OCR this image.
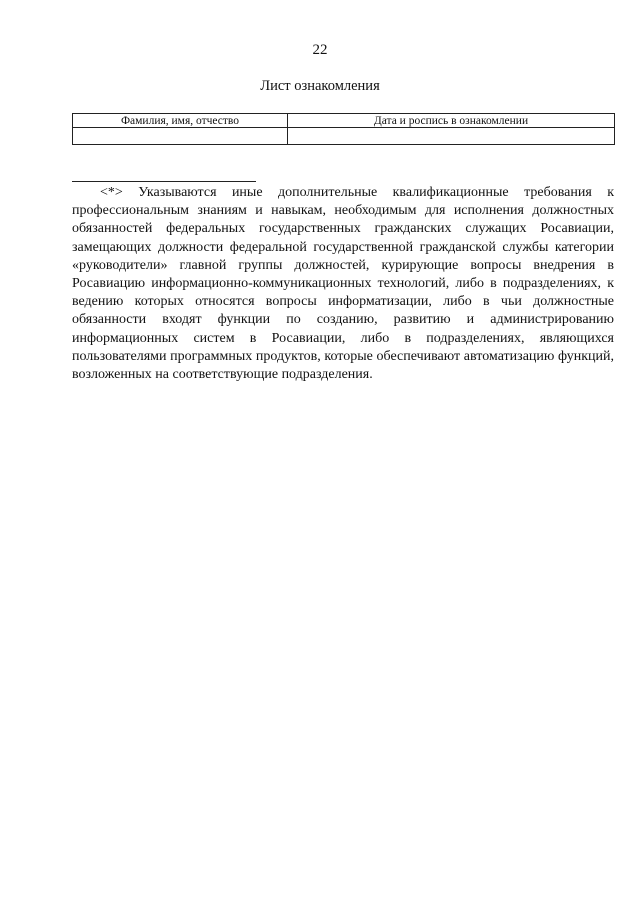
22
Лист ознакомления
Фамилия, имя, отчество	Дата и роспись в ознакомлении

<*> Указываются иные дополнительные квалификационные требования к профессиональным знаниям и навыкам, необходимым для исполнения должностных обязанностей федеральных государственных гражданских служащих Росавиации, замещающих должности федеральной государственной гражданской службы категории «руководители» главной группы должностей, курирующие вопросы внедрения в Росавиацию информационно-коммуникационных технологий, либо в подразделениях, к ведению которых относятся вопросы информатизации, либо в чьи должностные обязанности входят функции по созданию, развитию и администрированию информационных систем в Росавиации, либо в подразделениях, являющихся пользователями программных продуктов, которые обеспечивают автоматизацию функций, возложенных на соответствующие подразделения.
